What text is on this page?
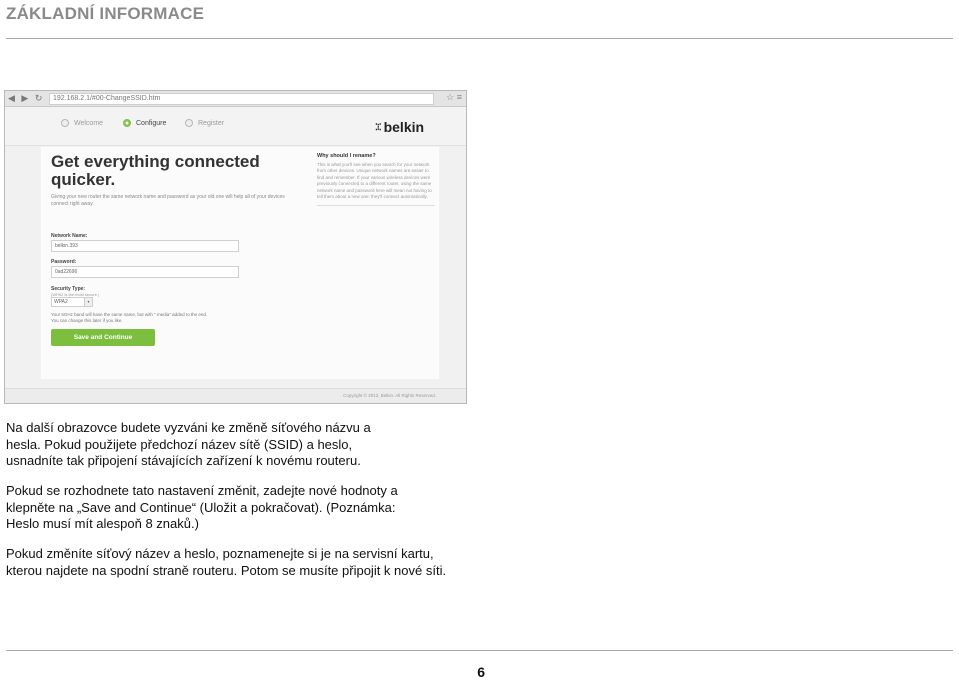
ZÁKLADNÍ INFORMACE
◀ ▶ ↻	192.168.2.1/#00-ChangeSSID.htm	☆ ≡
Welcome	Configure	Register	⁚⁝⁚ belkin
Get everything connected quicker.
Giving your new router the same network name and password as your old one will help all of your devices connect right away.
Network Name:
belkin.393
Password:
0ad22696
Security Type:
(WPA2 is the most secure.)
WPA2	▾
Your 5GHz band will have the same name, but with ".media" added to the end.
You can change this later if you like.
Save and Continue
Why should I rename?
This is what you'll see when you search for your network from other devices. Unique network names are easier to find and remember. If your various wireless devices were previously connected to a different router, using the same network name and password here will mean not having to tell them about a new one; they'll connect automatically.
Copyright © 2012, Belkin. All Rights Reserved.

Na další obrazovce budete vyzváni ke změně síťového názvu a hesla. Pokud použijete předchozí název sítě (SSID) a heslo, usnadníte tak připojení stávajících zařízení k novému routeru.

Pokud se rozhodnete tato nastavení změnit, zadejte nové hodnoty a klepněte na „Save and Continue“ (Uložit a pokračovat). (Poznámka: Heslo musí mít alespoň 8 znaků.)

Pokud změníte síťový název a heslo, poznamenejte si je na servisní kartu, kterou najdete na spodní straně routeru. Potom se musíte připojit k nové síti.

6
